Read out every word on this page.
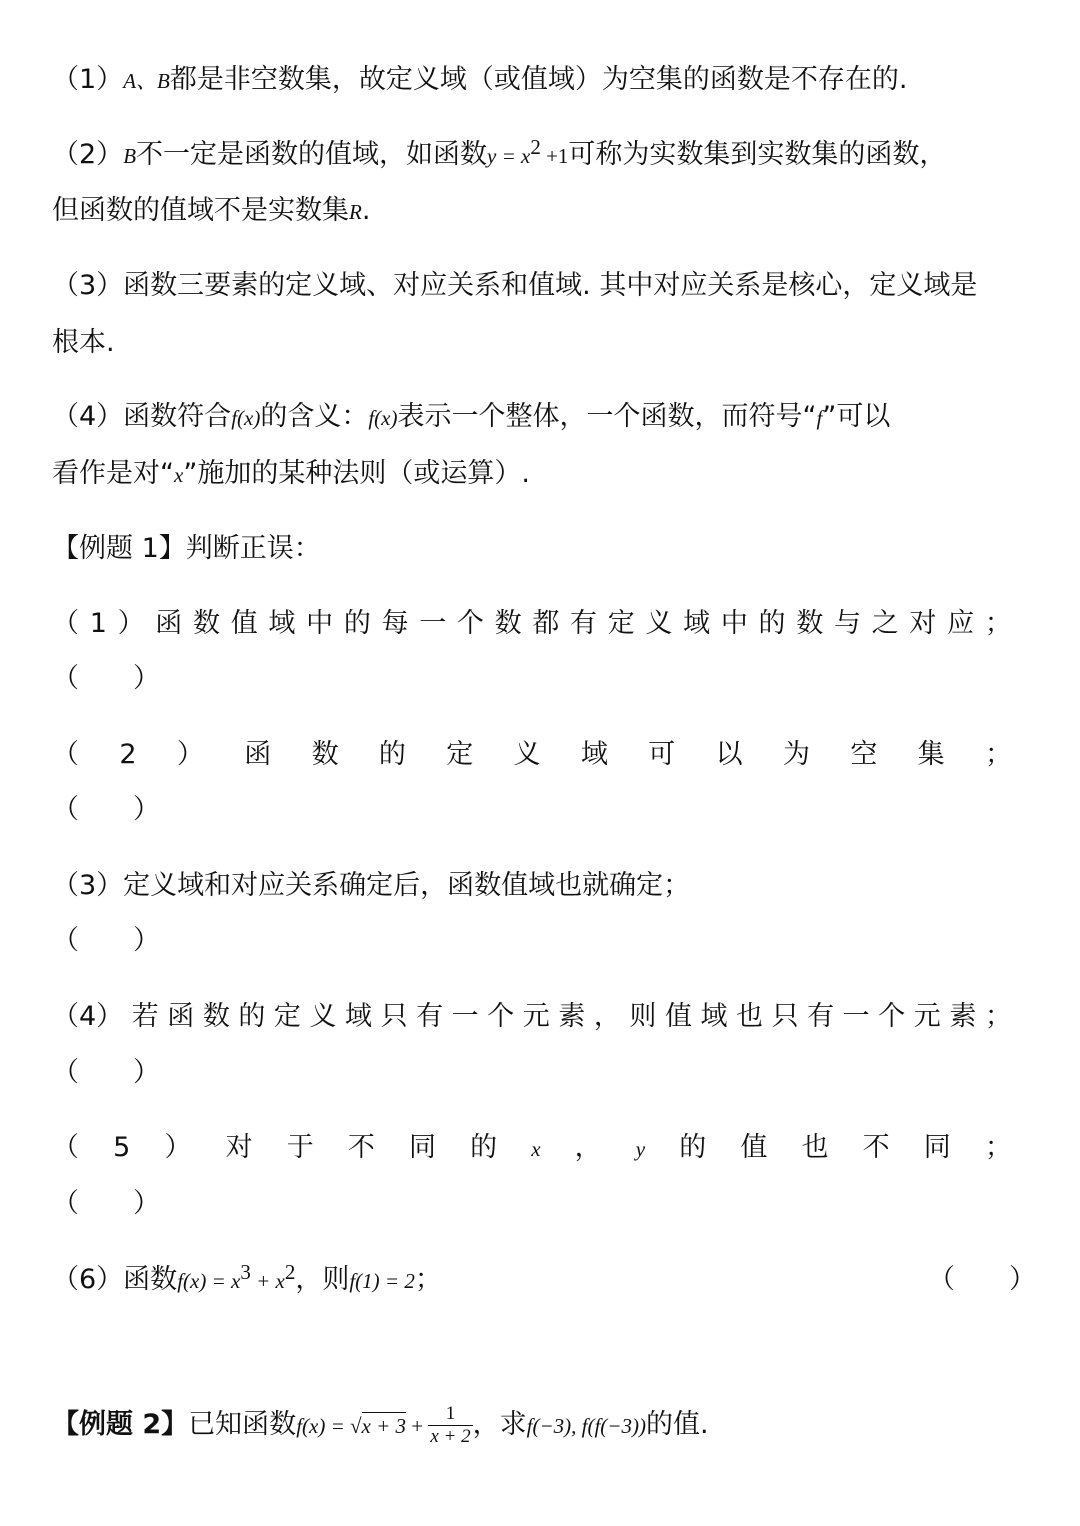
（1）A、B都是非空数集，故定义域（或值域）为空集的函数是不存在的.
（2）B不一定是函数的值域，如函数$y = x^2 +1$可称为实数集到实数集的函数，
但函数的值域不是实数集R.
（3）函数三要素的定义域、对应关系和值域. 其中对应关系是核心，定义域是
根本.
（4）函数符合f(x)的含义：f(x)表示一个整体，一个函数，而符号“f”可以
看作是对“x”施加的某种法则（或运算）.
【例题 1】判断正误：
（ 1 ） 函 数 值 域 中 的 每 一 个 数 都 有 定 义 域 中 的 数 与 之 对 应 ；
（　　）
（ 2 ） 函 数 的 定 义 域 可 以 为 空 集 ；
（　　）
（3）定义域和对应关系确定后，函数值域也就确定；
（　　）
（4） 若 函 数 的 定 义 域 只 有 一 个 元 素 ， 则 值 域 也 只 有 一 个 元 素 ；
（　　）
（ 5 ） 对 于 不 同 的 x ， y 的 值 也 不 同 ；
（　　）
（6）函数$f(x) = x^3 + x^2$，则f(1) = 2；	（　　）
【例题 2】已知函数$f(x) = √x + 3 + \frac{1}{x + 2}$ ，求f(−3), f(f(−3))的值.
